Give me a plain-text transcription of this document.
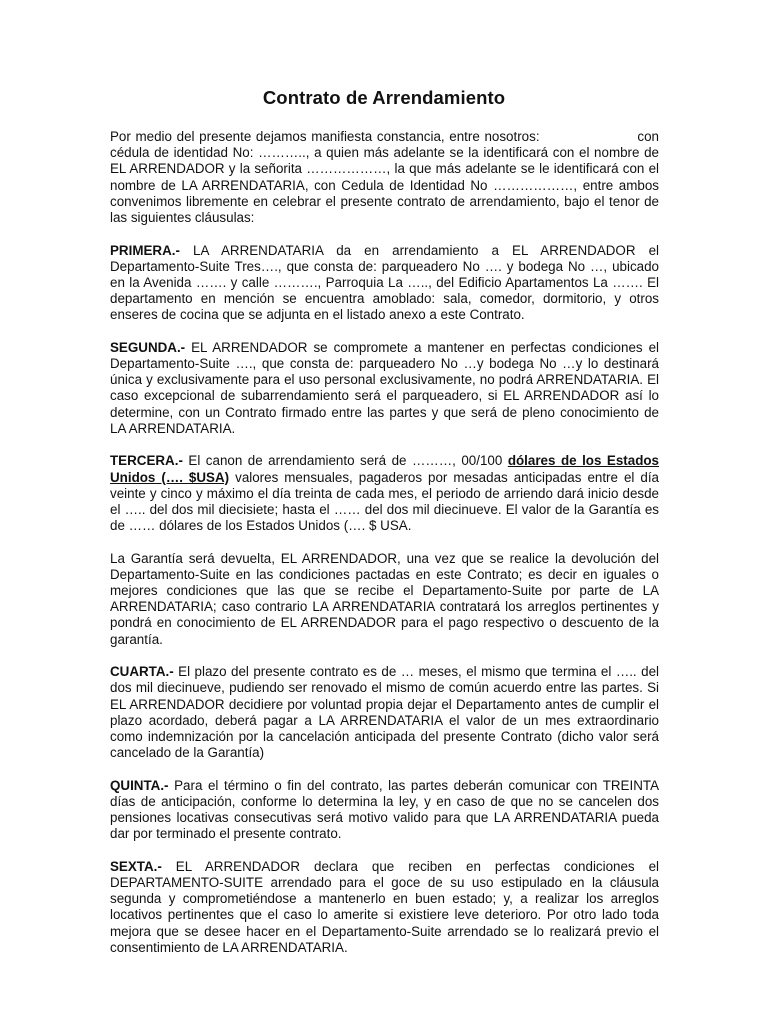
Contrato de Arrendamiento

Por medio del presente dejamos manifiesta constancia, entre nosotros:                     con cédula de identidad No: ……….., a quien más adelante se la identificará con el nombre de EL ARRENDADOR y la señorita ………………, la que más adelante se le identificará con el nombre de LA ARRENDATARIA, con Cedula de Identidad No ………………, entre ambos convenimos libremente en celebrar el presente contrato de arrendamiento, bajo el tenor de las siguientes cláusulas:

PRIMERA.- LA ARRENDATARIA da en arrendamiento a EL ARRENDADOR el Departamento-Suite Tres…., que consta de: parqueadero No …. y bodega No …, ubicado en la Avenida ……. y calle ………., Parroquia La ….., del Edificio Apartamentos La ……. El departamento en mención se encuentra amoblado: sala, comedor, dormitorio, y otros enseres de cocina que se adjunta en el listado anexo a este Contrato.

SEGUNDA.- EL ARRENDADOR se compromete a mantener en perfectas condiciones el Departamento-Suite …., que consta de: parqueadero No …y bodega No …y lo destinará única y exclusivamente para el uso personal exclusivamente, no podrá ARRENDATARIA. El caso excepcional de subarrendamiento será el parqueadero, si EL ARRENDADOR así lo determine, con un Contrato firmado entre las partes y que será de pleno conocimiento de LA ARRENDATARIA.

TERCERA.- El canon de arrendamiento será de ………, 00/100 dólares de los Estados Unidos (…. $USA) valores mensuales, pagaderos por mesadas anticipadas entre el día veinte y cinco y máximo el día treinta de cada mes, el periodo de arriendo dará inicio desde el ….. del dos mil diecisiete; hasta el …… del dos mil diecinueve. El valor de la Garantía es de …… dólares de los Estados Unidos (…. $ USA.

La Garantía será devuelta, EL ARRENDADOR, una vez que se realice la devolución del Departamento-Suite en las condiciones pactadas en este Contrato; es decir en iguales o mejores condiciones que las que se recibe el Departamento-Suite por parte de LA ARRENDATARIA; caso contrario LA ARRENDATARIA contratará los arreglos pertinentes y pondrá en conocimiento de EL ARRENDADOR para el pago respectivo o descuento de la garantía.

CUARTA.- El plazo del presente contrato es de … meses, el mismo que termina el ….. del dos mil diecinueve, pudiendo ser renovado el mismo de común acuerdo entre las partes. Si EL ARRENDADOR decidiere por voluntad propia dejar el Departamento antes de cumplir el plazo acordado, deberá pagar a LA ARRENDATARIA el valor de un mes extraordinario como indemnización por la cancelación anticipada del presente Contrato (dicho valor será cancelado de la Garantía)

QUINTA.- Para el término o fin del contrato, las partes deberán comunicar con TREINTA días de anticipación, conforme lo determina la ley, y en caso de que no se cancelen dos pensiones locativas consecutivas será motivo valido para que LA ARRENDATARIA pueda dar por terminado el presente contrato.

SEXTA.- EL ARRENDADOR declara que reciben en perfectas condiciones el DEPARTAMENTO-SUITE arrendado para el goce de su uso estipulado en la cláusula segunda y comprometiéndose a mantenerlo en buen estado; y, a realizar los arreglos locativos pertinentes que el caso lo amerite si existiere leve deterioro. Por otro lado toda mejora que se desee hacer en el Departamento-Suite arrendado se lo realizará previo el consentimiento de LA ARRENDATARIA.
